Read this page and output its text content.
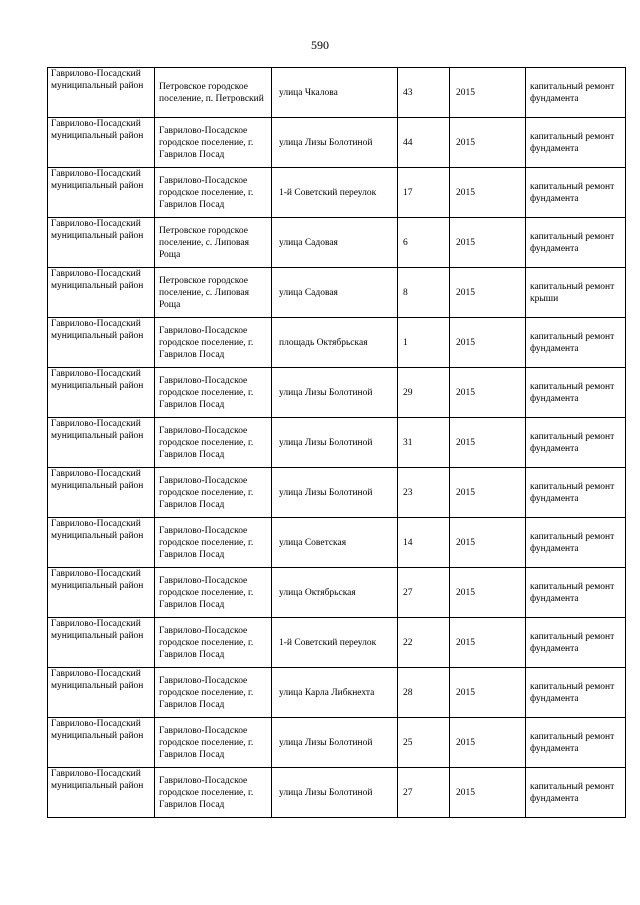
590
Гаврилово-Посадский муниципальный район	Петровское городское поселение, п. Петровский	улица Чкалова	43	2015	капитальный ремонт фундамента
Гаврилово-Посадский муниципальный район	Гаврилово-Посадское городское поселение, г. Гаврилов Посад	улица Лизы Болотиной	44	2015	капитальный ремонт фундамента
Гаврилово-Посадский муниципальный район	Гаврилово-Посадское городское поселение, г. Гаврилов Посад	1-й Советский переулок	17	2015	капитальный ремонт фундамента
Гаврилово-Посадский муниципальный район	Петровское городское поселение, с. Липовая Роща	улица Садовая	6	2015	капитальный ремонт фундамента
Гаврилово-Посадский муниципальный район	Петровское городское поселение, с. Липовая Роща	улица Садовая	8	2015	капитальный ремонт крыши
Гаврилово-Посадский муниципальный район	Гаврилово-Посадское городское поселение, г. Гаврилов Посад	площадь Октябрьская	1	2015	капитальный ремонт фундамента
Гаврилово-Посадский муниципальный район	Гаврилово-Посадское городское поселение, г. Гаврилов Посад	улица Лизы Болотиной	29	2015	капитальный ремонт фундамента
Гаврилово-Посадский муниципальный район	Гаврилово-Посадское городское поселение, г. Гаврилов Посад	улица Лизы Болотиной	31	2015	капитальный ремонт фундамента
Гаврилово-Посадский муниципальный район	Гаврилово-Посадское городское поселение, г. Гаврилов Посад	улица Лизы Болотиной	23	2015	капитальный ремонт фундамента
Гаврилово-Посадский муниципальный район	Гаврилово-Посадское городское поселение, г. Гаврилов Посад	улица Советская	14	2015	капитальный ремонт фундамента
Гаврилово-Посадский муниципальный район	Гаврилово-Посадское городское поселение, г. Гаврилов Посад	улица Октябрьская	27	2015	капитальный ремонт фундамента
Гаврилово-Посадский муниципальный район	Гаврилово-Посадское городское поселение, г. Гаврилов Посад	1-й Советский переулок	22	2015	капитальный ремонт фундамента
Гаврилово-Посадский муниципальный район	Гаврилово-Посадское городское поселение, г. Гаврилов Посад	улица Карла Либкнехта	28	2015	капитальный ремонт фундамента
Гаврилово-Посадский муниципальный район	Гаврилово-Посадское городское поселение, г. Гаврилов Посад	улица Лизы Болотиной	25	2015	капитальный ремонт фундамента
Гаврилово-Посадский муниципальный район	Гаврилово-Посадское городское поселение, г. Гаврилов Посад	улица Лизы Болотиной	27	2015	капитальный ремонт фундамента
